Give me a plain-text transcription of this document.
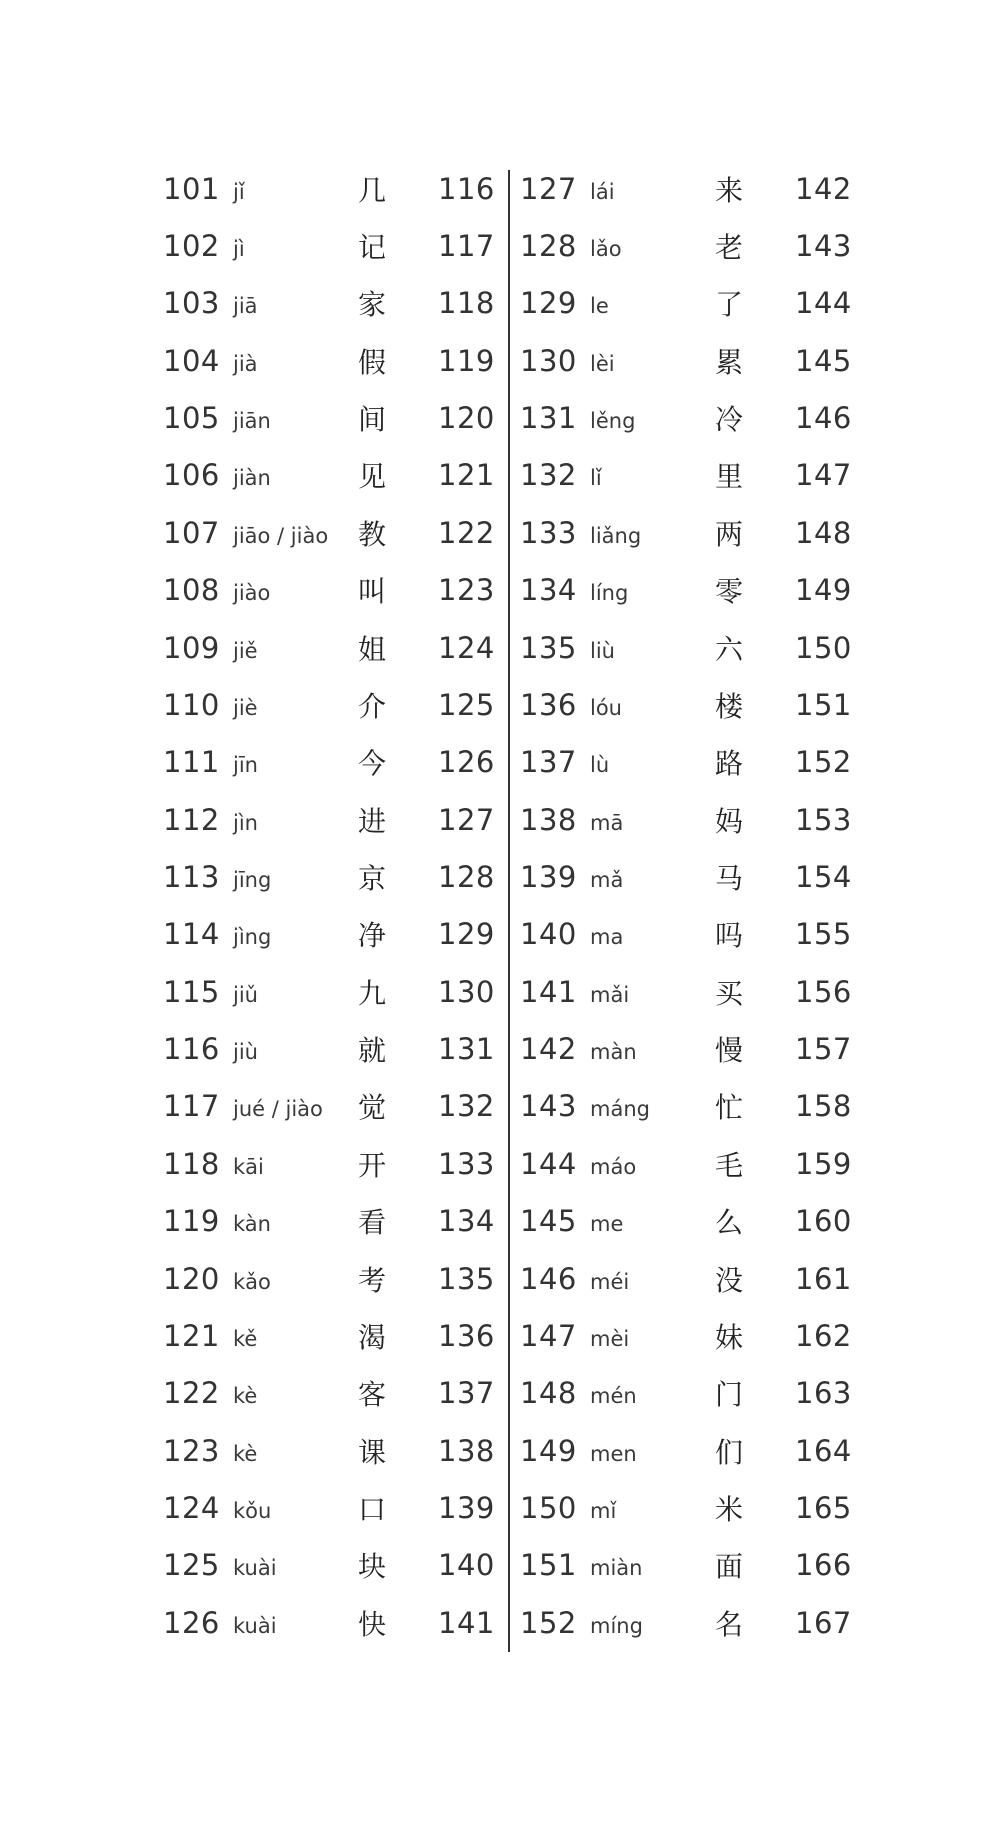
101 jǐ	几	116
102 jì	记	117
103 jiā	家	118
104 jià	假	119
105 jiān	间	120
106 jiàn	见	121
107 jiāo / jiào	教	122
108 jiào	叫	123
109 jiě	姐	124
110 jiè	介	125
111 jīn	今	126
112 jìn	进	127
113 jīng	京	128
114 jìng	净	129
115 jiǔ	九	130
116 jiù	就	131
117 jué / jiào	觉	132
118 kāi	开	133
119 kàn	看	134
120 kǎo	考	135
121 kě	渴	136
122 kè	客	137
123 kè	课	138
124 kǒu	口	139
125 kuài	块	140
126 kuài	快	141
127 lái	来	142
128 lǎo	老	143
129 le	了	144
130 lèi	累	145
131 lěng	冷	146
132 lǐ	里	147
133 liǎng	两	148
134 líng	零	149
135 liù	六	150
136 lóu	楼	151
137 lù	路	152
138 mā	妈	153
139 mǎ	马	154
140 ma	吗	155
141 mǎi	买	156
142 màn	慢	157
143 máng	忙	158
144 máo	毛	159
145 me	么	160
146 méi	没	161
147 mèi	妹	162
148 mén	门	163
149 men	们	164
150 mǐ	米	165
151 miàn	面	166
152 míng	名	167
